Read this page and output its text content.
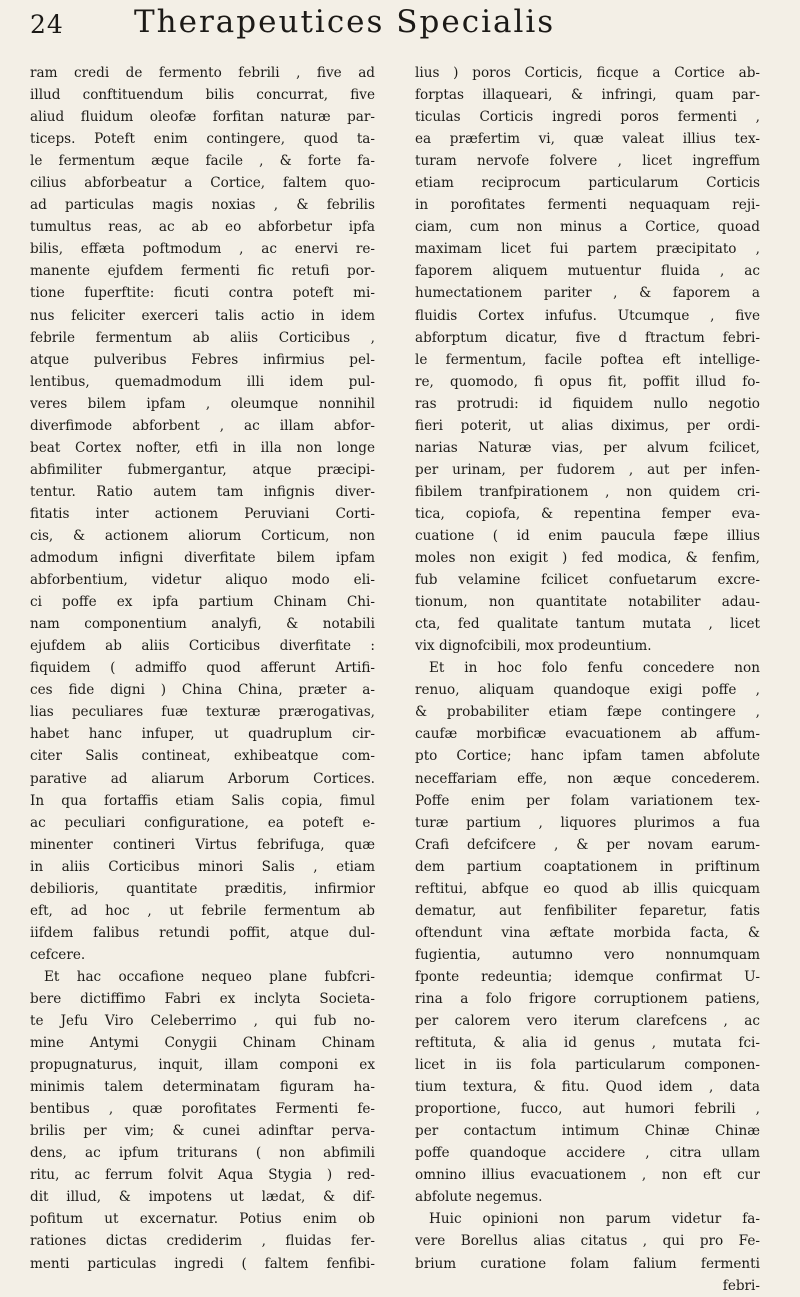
24 Therapeutices Specialis
ram credi de fermento febrili , five ad
illud conftituendum bilis concurrat, five
aliud fluidum oleofæ forfitan naturæ par-
ticeps. Poteft enim contingere, quod ta-
le fermentum æque facile , & forte fa-
cilius abforbeatur a Cortice, faltem quo-
ad particulas magis noxias , & febrilis
tumultus reas, ac ab eo abforbetur ipfa
bilis, effæta poftmodum , ac enervi re-
manente ejufdem fermenti fic retufi por-
tione fuperftite: ficuti contra poteft mi-
nus feliciter exerceri talis actio in idem
febrile fermentum ab aliis Corticibus ,
atque pulveribus Febres infirmius pel-
lentibus, quemadmodum illi idem pul-
veres bilem ipfam , oleumque nonnihil
diverfimode abforbent , ac illam abfor-
beat Cortex nofter, etfi in illa non longe
abfimiliter fubmergantur, atque præcipi-
tentur. Ratio autem tam infignis diver-
fitatis inter actionem Peruviani Corti-
cis, & actionem aliorum Corticum, non
admodum infigni diverfitate bilem ipfam
abforbentium, videtur aliquo modo eli-
ci poffe ex ipfa partium Chinam Chi-
nam componentium analyfi, & notabili
ejufdem ab aliis Corticibus diverfitate :
fiquidem ( admiffo quod afferunt Artifi-
ces fide digni ) China China, præter a-
lias peculiares fuæ texturæ prærogativas,
habet hanc infuper, ut quadruplum cir-
citer Salis contineat, exhibeatque com-
parative ad aliarum Arborum Cortices.
In qua fortaffis etiam Salis copia, fimul
ac peculiari configuratione, ea poteft e-
minenter contineri Virtus febrifuga, quæ
in aliis Corticibus minori Salis , etiam
debilioris, quantitate præditis, infirmior
eft, ad hoc , ut febrile fermentum ab
iifdem falibus retundi poffit, atque dul-
cefcere.
Et hac occafione nequeo plane fubfcri-
bere dictiffimo Fabri ex inclyta Societa-
te Jefu Viro Celeberrimo , qui fub no-
mine Antymi Conygii Chinam Chinam
propugnaturus, inquit, illam componi ex
minimis talem determinatam figuram ha-
bentibus , quæ porofitates Fermenti fe-
brilis per vim; & cunei adinftar perva-
dens, ac ipfum triturans ( non abfimili
ritu, ac ferrum folvit Aqua Stygia ) red-
dit illud, & impotens ut lædat, & dif-
pofitum ut excernatur. Potius enim ob
rationes dictas crediderim , fluidas fer-
menti particulas ingredi ( faltem fenfibi-
lius ) poros Corticis, ficque a Cortice ab-
forptas illaqueari, & infringi, quam par-
ticulas Corticis ingredi poros fermenti ,
ea præfertim vi, quæ valeat illius tex-
turam nervofe folvere , licet ingreffum
etiam reciprocum particularum Corticis
in porofitates fermenti nequaquam reji-
ciam, cum non minus a Cortice, quoad
maximam licet fui partem præcipitato ,
faporem aliquem mutuentur fluida , ac
humectationem pariter , & faporem a
fluidis Cortex infufus. Utcumque , five
abforptum dicatur, five d ftractum febri-
le fermentum, facile poftea eft intellige-
re, quomodo, fi opus fit, poffit illud fo-
ras protrudi: id fiquidem nullo negotio
fieri poterit, ut alias diximus, per ordi-
narias Naturæ vias, per alvum fcilicet,
per urinam, per fudorem , aut per infen-
fibilem tranfpirationem , non quidem cri-
tica, copiofa, & repentina femper eva-
cuatione ( id enim paucula fæpe illius
moles non exigit ) fed modica, & fenfim,
fub velamine fcilicet confuetarum excre-
tionum, non quantitate notabiliter adau-
cta, fed qualitate tantum mutata , licet
vix dignofcibili, mox prodeuntium.
Et in hoc folo fenfu concedere non
renuo, aliquam quandoque exigi poffe ,
& probabiliter etiam fæpe contingere ,
caufæ morbificæ evacuationem ab affum-
pto Cortice; hanc ipfam tamen abfolute
neceffariam effe, non æque concederem.
Poffe enim per folam variationem tex-
turæ partium , liquores plurimos a fua
Crafi defcifcere , & per novam earum-
dem partium coaptationem in priftinum
reftitui, abfque eo quod ab illis quicquam
dematur, aut fenfibiliter feparetur, fatis
oftendunt vina æftate morbida facta, &
fugientia, autumno vero nonnumquam
fponte redeuntia; idemque confirmat U-
rina a folo frigore corruptionem patiens,
per calorem vero iterum clarefcens , ac
reftituta, & alia id genus , mutata fci-
licet in iis fola particularum componen-
tium textura, & fitu. Quod idem , data
proportione, fucco, aut humori febrili ,
per contactum intimum Chinæ Chinæ
poffe quandoque accidere , citra ullam
omnino illius evacuationem , non eft cur
abfolute negemus.
Huic opinioni non parum videtur fa-
vere Borellus alias citatus , qui pro Fe-
brium curatione folam falium fermenti
febri-
